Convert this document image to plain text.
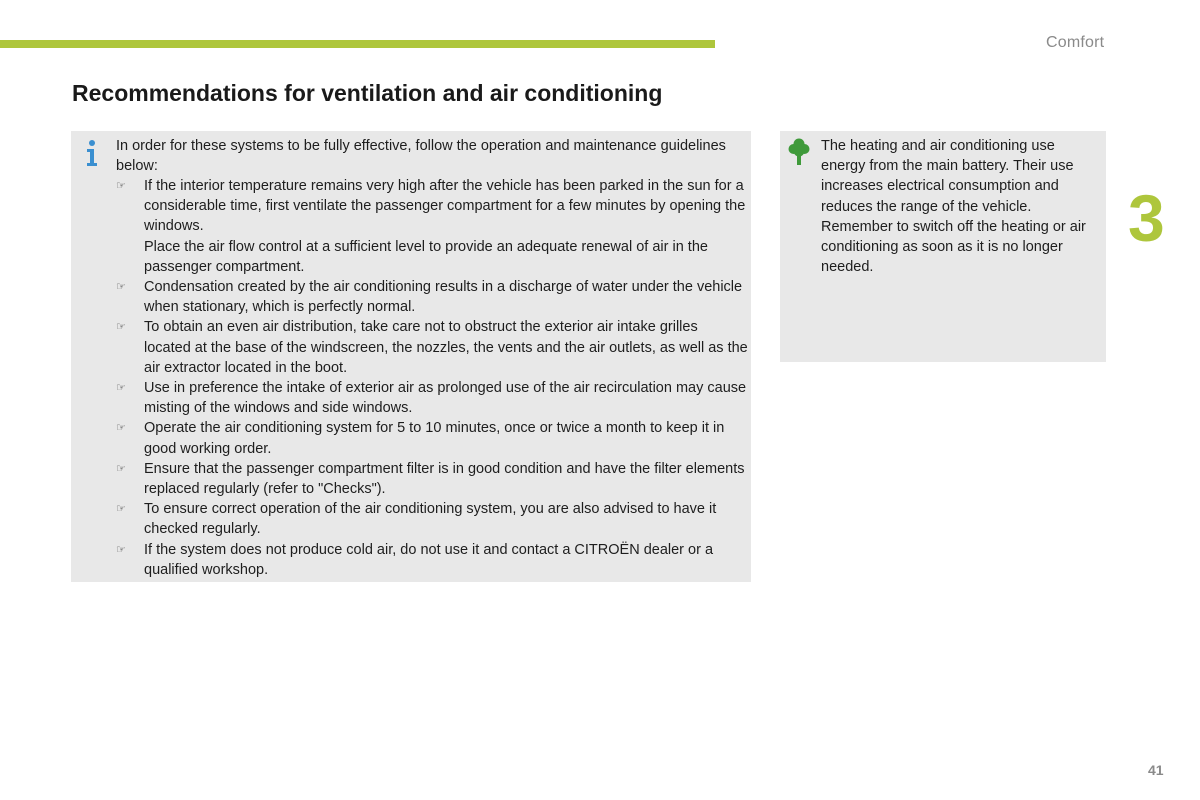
Comfort
Recommendations for ventilation and air conditioning
In order for these systems to be fully effective, follow the operation and maintenance guidelines below:
☞ If the interior temperature remains very high after the vehicle has been parked in the sun for a considerable time, first ventilate the passenger compartment for a few minutes by opening the windows.
Place the air flow control at a sufficient level to provide an adequate renewal of air in the passenger compartment.
☞ Condensation created by the air conditioning results in a discharge of water under the vehicle when stationary, which is perfectly normal.
☞ To obtain an even air distribution, take care not to obstruct the exterior air intake grilles located at the base of the windscreen, the nozzles, the vents and the air outlets, as well as the air extractor located in the boot.
☞ Use in preference the intake of exterior air as prolonged use of the air recirculation may cause misting of the windows and side windows.
☞ Operate the air conditioning system for 5 to 10 minutes, once or twice a month to keep it in good working order.
☞ Ensure that the passenger compartment filter is in good condition and have the filter elements replaced regularly (refer to "Checks").
☞ To ensure correct operation of the air conditioning system, you are also advised to have it checked regularly.
☞ If the system does not produce cold air, do not use it and contact a CITROËN dealer or a qualified workshop.
The heating and air conditioning use energy from the main battery. Their use increases electrical consumption and reduces the range of the vehicle. Remember to switch off the heating or air conditioning as soon as it is no longer needed.
3
41
